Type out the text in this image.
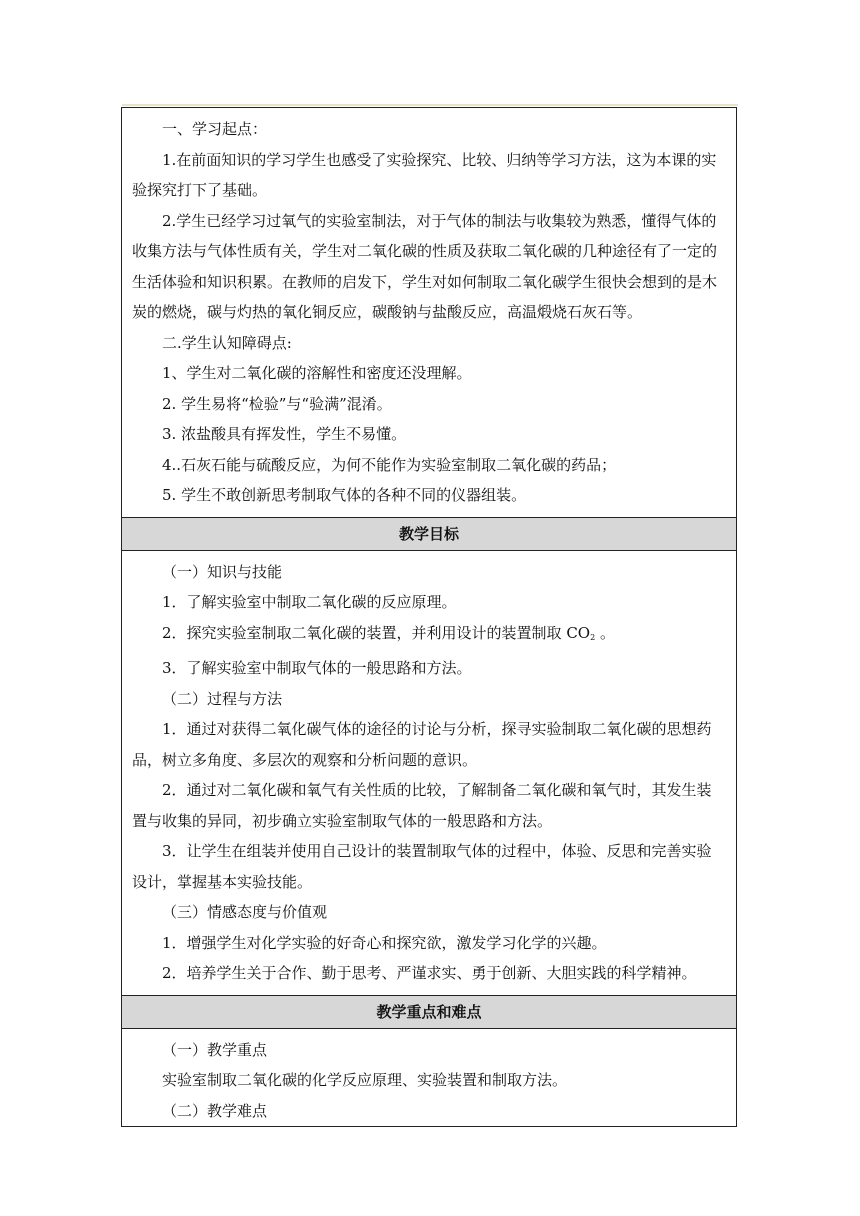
一、学习起点：

1.在前面知识的学习学生也感受了实验探究、比较、归纳等学习方法，这为本课的实验探究打下了基础。

2.学生已经学习过氧气的实验室制法，对于气体的制法与收集较为熟悉，懂得气体的收集方法与气体性质有关，学生对二氧化碳的性质及获取二氧化碳的几种途径有了一定的生活体验和知识积累。在教师的启发下，学生对如何制取二氧化碳学生很快会想到的是木炭的燃烧，碳与灼热的氧化铜反应，碳酸钠与盐酸反应，高温煅烧石灰石等。

二.学生认知障碍点:

1、学生对二氧化碳的溶解性和密度还没理解。

2. 学生易将“检验”与“验满”混淆。

3. 浓盐酸具有挥发性，学生不易懂。

4..石灰石能与硫酸反应，为何不能作为实验室制取二氧化碳的药品；

5. 学生不敢创新思考制取气体的各种不同的仪器组装。

教学目标

（一）知识与技能

1．了解实验室中制取二氧化碳的反应原理。

2．探究实验室制取二氧化碳的装置，并利用设计的装置制取 $CO_2$ 。

3．了解实验室中制取气体的一般思路和方法。

（二）过程与方法

1．通过对获得二氧化碳气体的途径的讨论与分析，探寻实验制取二氧化碳的思想药品，树立多角度、多层次的观察和分析问题的意识。

2．通过对二氧化碳和氧气有关性质的比较，了解制备二氧化碳和氧气时，其发生装置与收集的异同，初步确立实验室制取气体的一般思路和方法。

3．让学生在组装并使用自己设计的装置制取气体的过程中，体验、反思和完善实验设计，掌握基本实验技能。

（三）情感态度与价值观

1．增强学生对化学实验的好奇心和探究欲，激发学习化学的兴趣。

2．培养学生关于合作、勤于思考、严谨求实、勇于创新、大胆实践的科学精神。

教学重点和难点

（一）教学重点

实验室制取二氧化碳的化学反应原理、实验装置和制取方法。

（二）教学难点
